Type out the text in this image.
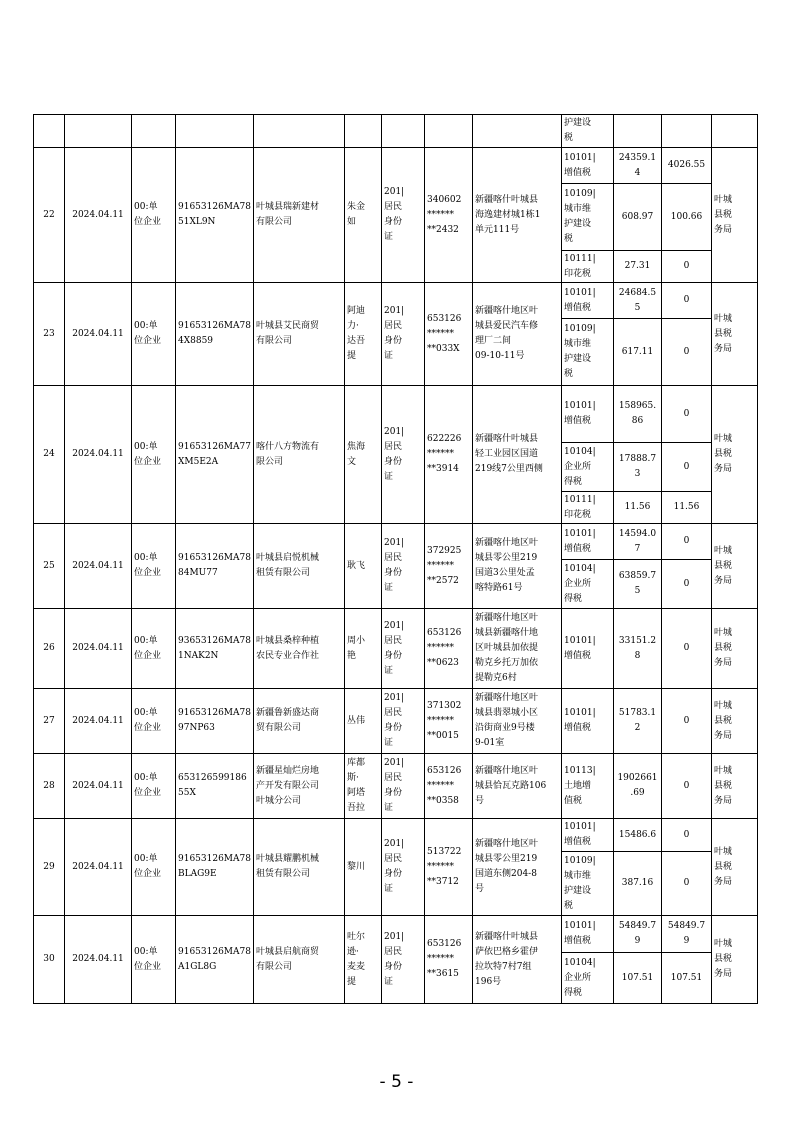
									护建设
税			
22	2024.04.11	00:单
位企业	91653126MA78
51XL9N	叶城县瑞新建材
有限公司	朱金
如	201|
居民
身份
证	340602
******
**2432	新疆喀什叶城县
海逸建材城1栋1
单元111号	10101|
增值税	24359.1
4	4026.55	叶城
县税
务局
									10109|
城市维
护建设
税	608.97	100.66	
									10111|
印花税	27.31	0	
23	2024.04.11	00:单
位企业	91653126MA78
4X8859	叶城县艾民商贸
有限公司	阿迪
力·
达吾
提	201|
居民
身份
证	653126
******
**033X	新疆喀什地区叶
城县爱民汽车修
理厂二间
09-10-11号	10101|
增值税	24684.5
5	0	叶城
县税
务局
									10109|
城市维
护建设
税	617.11	0	
24	2024.04.11	00:单
位企业	91653126MA77
XM5E2A	喀什八方物流有
限公司	焦海
文	201|
居民
身份
证	622226
******
**3914	新疆喀什叶城县
轻工业园区国道
219线7公里西侧	10101|
增值税	158965.
86	0	叶城
县税
务局
									10104|
企业所
得税	17888.7
3	0	
									10111|
印花税	11.56	11.56	
25	2024.04.11	00:单
位企业	91653126MA78
84MU77	叶城县启悦机械
租赁有限公司	耿飞	201|
居民
身份
证	372925
******
**2572	新疆喀什地区叶
城县零公里219
国道3公里处孟
喀特路61号	10101|
增值税	14594.0
7	0	叶城
县税
务局
									10104|
企业所
得税	63859.7
5	0	
26	2024.04.11	00:单
位企业	93653126MA78
1NAK2N	叶城县桑梓种植
农民专业合作社	周小
艳	201|
居民
身份
证	653126
******
**0623	新疆喀什地区叶
城县新疆喀什地
区叶城县加依提
勒克乡托万加依
提勒克6村	10101|
增值税	33151.2
8	0	叶城
县税
务局
27	2024.04.11	00:单
位企业	91653126MA78
97NP63	新疆鲁新盛达商
贸有限公司	丛伟	201|
居民
身份
证	371302
******
**0015	新疆喀什地区叶
城县翡翠城小区
沿街商业9号楼
9-01室	10101|
增值税	51783.1
2	0	叶城
县税
务局
28	2024.04.11	00:单
位企业	653126599186
55X	新疆星灿烂房地
产开发有限公司
叶城分公司	库都
斯·
阿塔
吾拉	201|
居民
身份
证	653126
******
**0358	新疆喀什地区叶
城县恰瓦克路106
号	10113|
土地增
值税	1902661
.69	0	叶城
县税
务局
29	2024.04.11	00:单
位企业	91653126MA78
BLAG9E	叶城县耀鹏机械
租赁有限公司	黎川	201|
居民
身份
证	513722
******
**3712	新疆喀什地区叶
城县零公里219
国道东侧204-8
号	10101|
增值税	15486.6	0	叶城
县税
务局
									10109|
城市维
护建设
税	387.16	0	
30	2024.04.11	00:单
位企业	91653126MA78
A1GL8G	叶城县启航商贸
有限公司	吐尔
逊·
麦麦
提	201|
居民
身份
证	653126
******
**3615	新疆喀什叶城县
萨依巴格乡霍伊
拉坎特7村7组
196号	10101|
增值税	54849.7
9	54849.7
9	叶城
县税
务局
									10104|
企业所
得税	107.51	107.51	
- 5 -
